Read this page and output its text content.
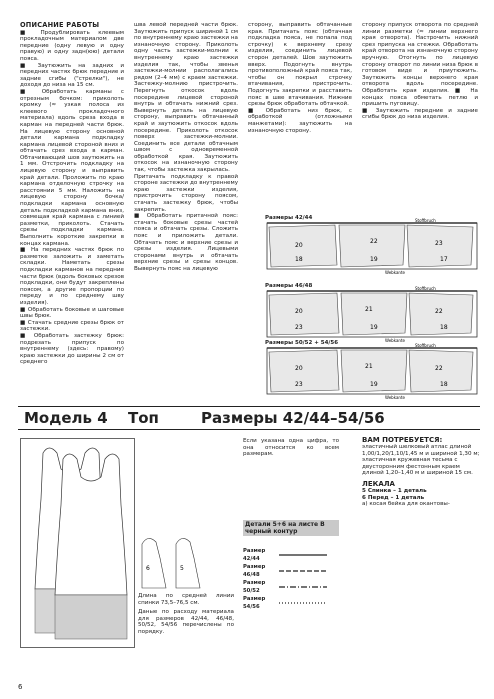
ОПИСАНИЕ РАБОТЫ

■ Продублировать клеевым прокладочным материалом две передние (одну левую и одну правую) и одну задн(юю) детали пояса.

■ Заутюжить на задних и передних частях брюк передние и задние сгибы ("стрелки"), не доходя до низа на 15 см.

■ Обработать карманы с отрезным бочком: приколоть кромку (≈ узкая полоса из клеевого прокладочного материала) вдоль срезa входа в карман на передней части брюк. На лицевую сторону основной детали кармана подкладку кармана лицевой стороной вниз и обтачать срез входа в карман. Обтачивающий шов заутюжить на 1 мм. Отстрочить подкладку на лицевую сторону и выправить край детали. Проложить по краю кармана отделочную строчку на расстоянии 5 мм. Наложить на лицевую сторону бочка/подкладки кармана основную деталь подкладкой кармана вниз, совмещая край кармана с линией разметки, приколоть. Стачать срезы подкладки кармана. Выполнить короткие закрепки в концах кармана.

■ На передних частях брюк по разметке заложить и заметать складки. Наметать срезы подкладки карманов на передние части брюк (вдоль боковых срезов подкладки, они будут закреплены поясом, а другие пропорции по переду и по среднему шву изделия).

■ Обработать боковые и шаговые швы брюк.

■ Стачать средние срезы брюк от застежки.

■ Обработать застежку брюк: подрезать припуск по внутреннему (здесь: правому) краю застежки до ширины 2 см от среднего

шва левой передней части брюк. Заутюжить припуск шириной 1 см по внутреннему краю застежки на изнаночную сторону. Приколоть одну часть застежки-молнии к внутреннему краю застежки изделия так, чтобы звенья застежки-молнии располагались рядом (2–4 мм) с краем застежки. Застежку-молнию пристрочить. Перегнуть откосок вдоль посередине лицевой стороной внутрь и обтачать нижний срез. Вывернуть деталь на лицевую сторону, выправить обтачанный край и заутюжить откосок вдоль посередине. Приколоть откосок поверх застежки-молнии. Соединить все детали обтачным швом с одновременной обработкой края. Заутюжить откосок на изнаночную сторону так, чтобы застежка закрылась.

Притачать подкладку к правой стороне застежки до внутреннему краю застежки изделия, пристрочить сторону поясом, стачать застежку брюк, чтобы закрепить.

■ Обработать притачной пояс: стачать боковые срезы частей пояса и обтачать срезы. Сложить пояс и приложить детали. Обтачать пояс и верхние срезы и срезы изделия. Лицевыми сторонами внутрь и обтачать верхние срезы и срезы концов. Вывернуть пояс на лицевую

сторону, выправить обтачанные края. Притачать пояс (обтачная подкладка пояса, не попала под строчку) к верхнему срезу изделия, соединить лицевой сторон деталей. Шов заутюжить вверх. Подогнуть внутрь противоположный край пояса так, чтобы он покрыл строчку втачивания, пристрочить. Подогнуть закрепки и расставить пояс в шве втачивания. Нижние срезы брюк обработать обтачкой.

■ Обработать низ брюк, с обработкой (отложными манжетами): заутюжить на изнаночную сторону.

сторону припуск отворота по средней линии разметки (≈ линии верхнего края отворота). Настрочить нижний срез припуска на стежки. Обработать край отворота на изнаночную сторону вручную. Отогнуть по лицевую сторону отворот по линии низа брюк в готовом виде и приутюжить. Заутюжить концы верхнего края отворотa вдоль посередине. Обработать края изделия. ■ На концах пояса обметать петлю и пришить пуговицу.

■ Заутюжить передние и задние сгибы брюк до низа изделия.

Размеры 42/44
20
22	23
18	19	17
Stoffbruch
Webkante
Размеры 46/48
20	21	22
23	19	18
Stoffbruch
Webkante
Размеры 50/52 + 54/56
20	21	22
23	19	18
Stoffbruch
Webkante
Модель 4 Топ	Размеры 42/44–54/56
6	5

Длина по средней линии спинки 73,5–76,5 см.

Даные по расходу материала для размеров 42/44, 46/48, 50/52, 54/56 перечислены по порядку.

Если указана одна цифра, то она относится ко всем размерам.

Детали 5+6 на листе В черный контур
Размер 42/44
Размер 46/48
Размер 50/52
Размер 54/56
ВАМ ПОТРЕБУЕТСЯ:
эластичный шелковый атлас длиной 1,00/1,20/1,10/1,45 м и шириной 1,30 м; эластичная кружевная тесьма с двусторонним фестонным краем длиной 1,20–1,40 м и шириной 15 см.
ЛЕКАЛА
5 Спинка – 1 деталь
6 Перед – 1 деталь
а) косая бейка для окантовы-
6
